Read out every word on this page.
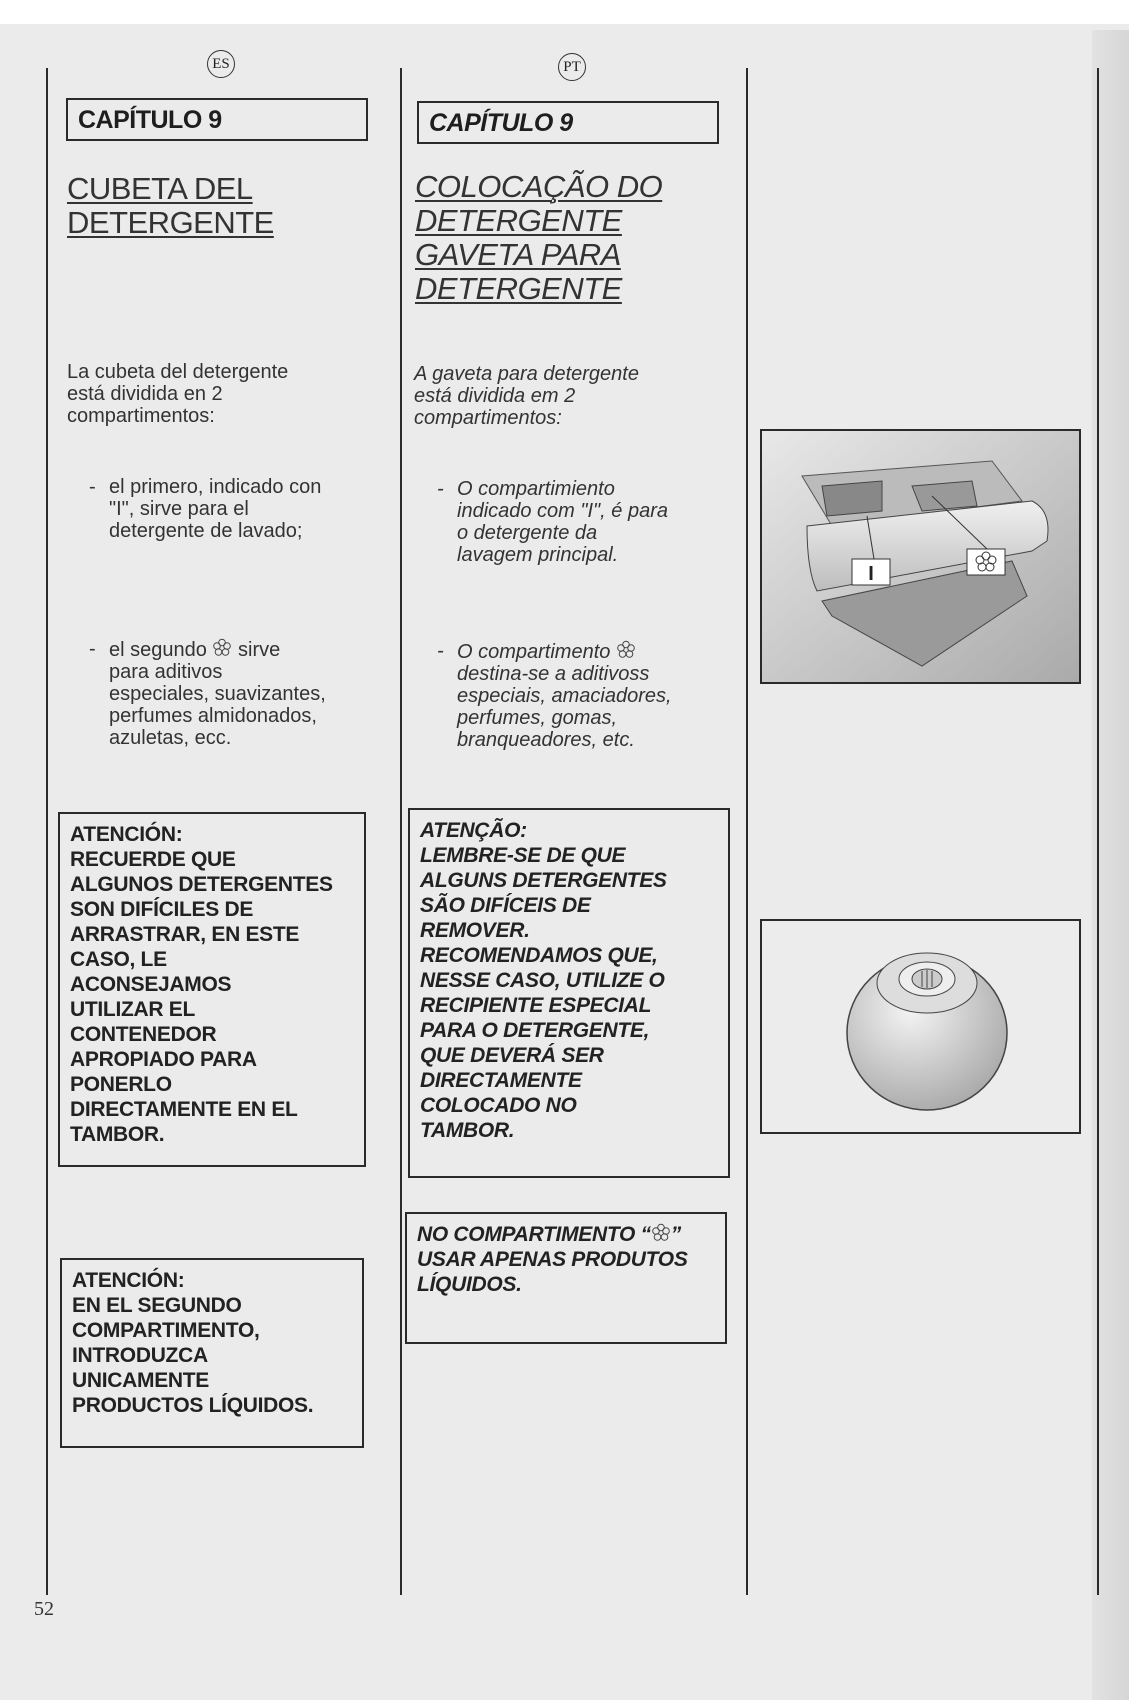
ES
CAPÍTULO 9
CUBETA DEL
DETERGENTE
La cubeta del detergente
está dividida en 2
compartimentos:
- el primero, indicado con
"I", sirve para el
detergente de lavado;
- el segundo sirve
para aditivos
especiales, suavizantes,
perfumes almidonados,
azuletas, ecc.
ATENCIÓN:
RECUERDE QUE
ALGUNOS DETERGENTES
SON DIFÍCILES DE
ARRASTRAR, EN ESTE
CASO, LE
ACONSEJAMOS
UTILIZAR EL
CONTENEDOR
APROPIADO PARA
PONERLO
DIRECTAMENTE EN EL
TAMBOR.
ATENCIÓN:
EN EL SEGUNDO
COMPARTIMENTO,
INTRODUZCA
UNICAMENTE
PRODUCTOS LÍQUIDOS.
PT
CAPÍTULO 9
COLOCAÇÃO DO
DETERGENTE
GAVETA PARA
DETERGENTE
A gaveta para detergente
está dividida em 2
compartimentos:
- O compartimiento
indicado com "I", é para
o detergente da
lavagem principal.
- O compartimento
destina-se a aditivoss
especiais, amaciadores,
perfumes, gomas,
branqueadores, etc.
ATENÇÃO:
LEMBRE-SE DE QUE
ALGUNS DETERGENTES
SÃO DIFÍCEIS DE
REMOVER.
RECOMENDAMOS QUE,
NESSE CASO, UTILIZE O
RECIPIENTE ESPECIAL
PARA O DETERGENTE,
QUE DEVERÁ SER
DIRECTAMENTE
COLOCADO NO
TAMBOR.
NO COMPARTIMENTO “ ”
USAR APENAS PRODUTOS
LÍQUIDOS.
I
52
